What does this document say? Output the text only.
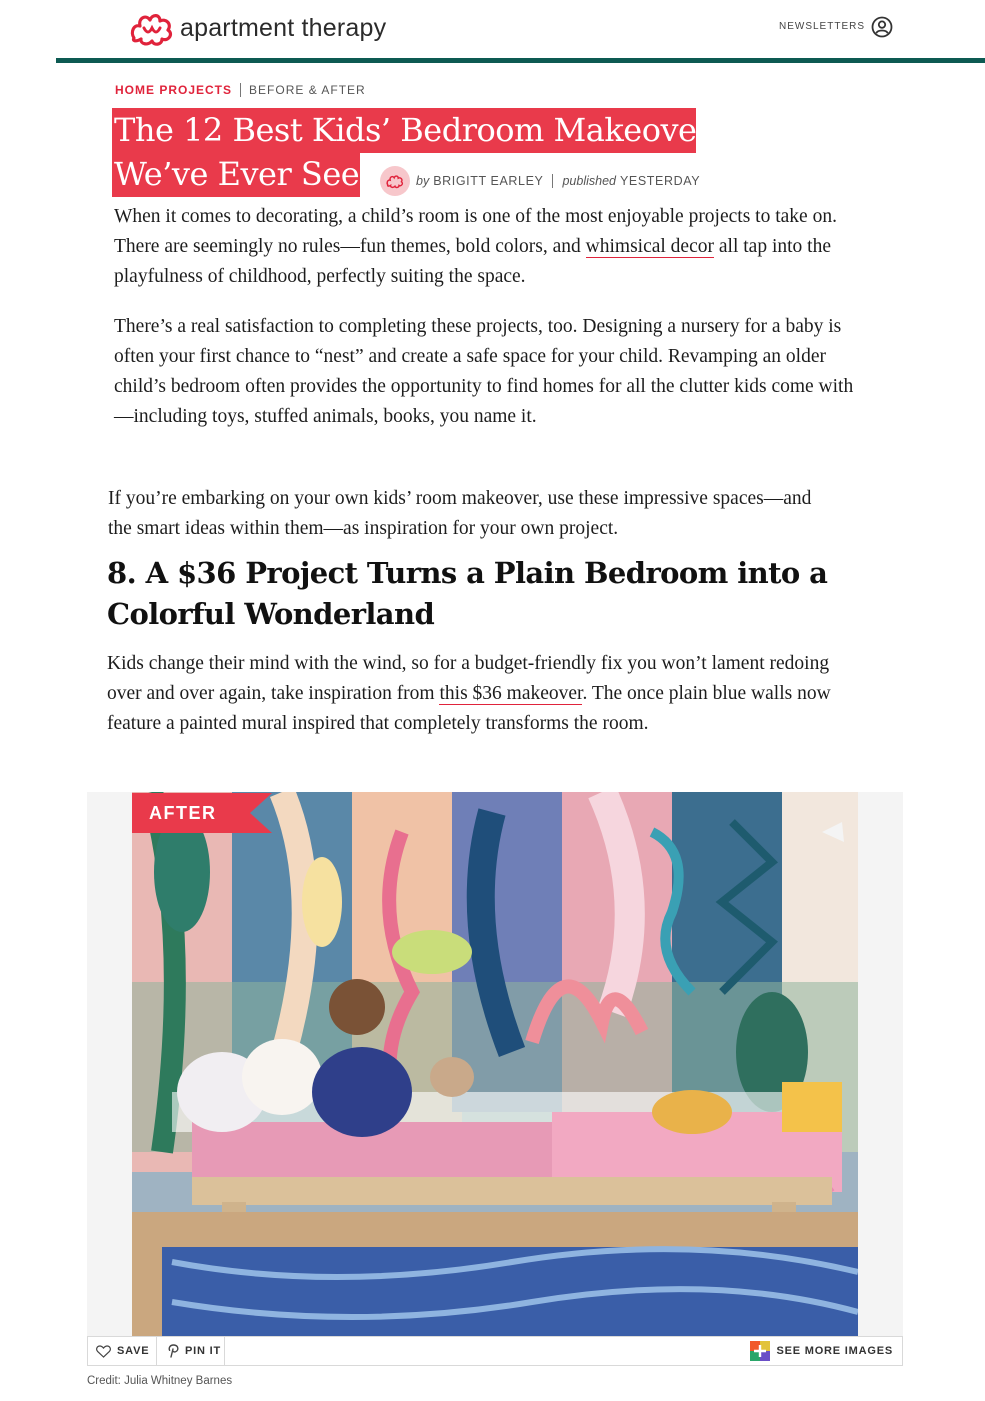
apartment therapy	NEWSLETTERS
HOME PROJECTS BEFORE & AFTER
The 12 Best Kids’ Bedroom Makeovers
We’ve Ever Seen	by BRIGITT EARLEY published YESTERDAY

When it comes to decorating, a child’s room is one of the most enjoyable projects to take on. There are seemingly no rules—fun themes, bold colors, and whimsical decor all tap into the playfulness of childhood, perfectly suiting the space.

There’s a real satisfaction to completing these projects, too. Designing a nursery for a baby is often your first chance to “nest” and create a safe space for your child. Revamping an older child’s bedroom often provides the opportunity to find homes for all the clutter kids come with—including toys, stuffed animals, books, you name it.

If you’re embarking on your own kids’ room makeover, use these impressive spaces—and the smart ideas within them—as inspiration for your own project.

8. A $36 Project Turns a Plain Bedroom into a Colorful Wonderland

Kids change their mind with the wind, so for a budget-friendly fix you won’t lament redoing over and over again, take inspiration from this $36 makeover. The once plain blue walls now feature a painted mural inspired that completely transforms the room.

AFTER
SAVE	PIN IT	SEE MORE IMAGES
Credit: Julia Whitney Barnes
